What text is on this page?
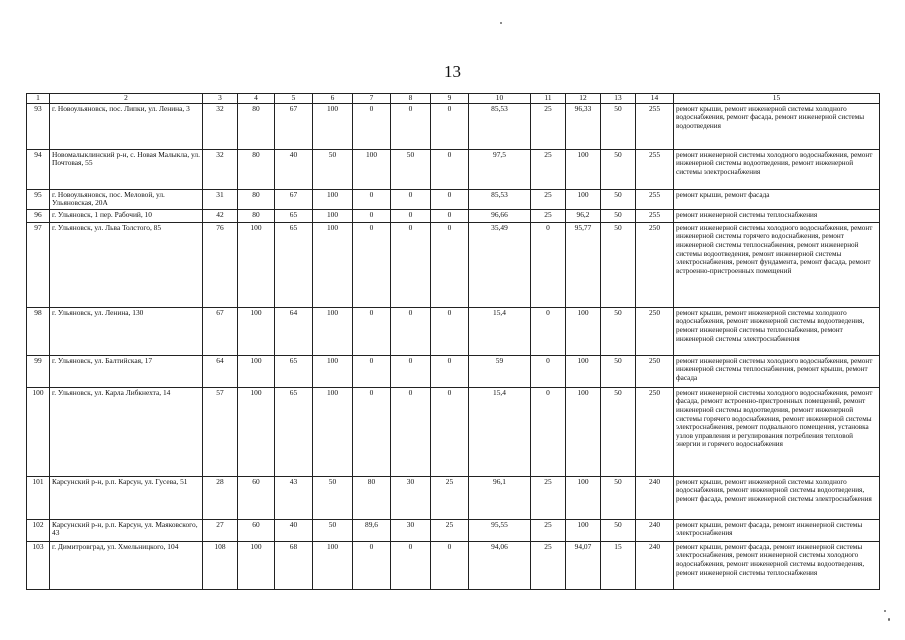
13
1	2	3	4	5	6	7	8	9	10	11	12	13	14	15
93	г. Новоульяновск, пос. Липки, ул. Ленина, 3	32	80	67	100	0	0	0	85,53	25	96,33	50	255	ремонт крыши, ремонт инженерной системы холодного водоснабжения, ремонт фасада, ремонт инженерной системы водоотведения
94	Новомалыклинский р-н, с. Новая Малыкла, ул. Почтовая, 55	32	80	40	50	100	50	0	97,5	25	100	50	255	ремонт инженерной системы холодного водоснабжения, ремонт инженерной системы водоотведения, ремонт инженерной системы электроснабжения
95	г. Новоульяновск, пос. Меловой, ул. Ульяновская, 20А	31	80	67	100	0	0	0	85,53	25	100	50	255	ремонт крыши, ремонт фасада
96	г. Ульяновск, 1 пер. Рабочий, 10	42	80	65	100	0	0	0	96,66	25	96,2	50	255	ремонт инженерной системы теплоснабжения
97	г. Ульяновск, ул. Льва Толстого, 85	76	100	65	100	0	0	0	35,49	0	95,77	50	250	ремонт инженерной системы холодного водоснабжения, ремонт инженерной системы горячего водоснабжения, ремонт инженерной системы теплоснабжения, ремонт инженерной системы водоотведения, ремонт инженерной системы электроснабжения, ремонт фундамента, ремонт фасада, ремонт встроенно-пристроенных помещений
98	г. Ульяновск, ул. Ленина, 130	67	100	64	100	0	0	0	15,4	0	100	50	250	ремонт крыши, ремонт инженерной системы холодного водоснабжения, ремонт инженерной системы водоотведения, ремонт инженерной системы теплоснабжения, ремонт инженерной системы электроснабжения
99	г. Ульяновск, ул. Балтийская, 17	64	100	65	100	0	0	0	59	0	100	50	250	ремонт инженерной системы холодного водоснабжения, ремонт инженерной системы теплоснабжения, ремонт крыши, ремонт фасада
100	г. Ульяновск, ул. Карла Либкнехта, 14	57	100	65	100	0	0	0	15,4	0	100	50	250	ремонт инженерной системы холодного водоснабжения, ремонт фасада, ремонт встроенно-пристроенных помещений, ремонт инженерной системы водоотведения, ремонт инженерной системы горячего водоснабжения, ремонт инженерной системы электроснабжения, ремонт подвального помещения, установка узлов управления и регулирования потребления тепловой энергии и горячего водоснабжения
101	Карсунский р-н, р.п. Карсун, ул. Гусева, 51	28	60	43	50	80	30	25	96,1	25	100	50	240	ремонт крыши, ремонт инженерной системы холодного водоснабжения, ремонт инженерной системы водоотведения, ремонт фасада, ремонт инженерной системы электроснабжения
102	Карсунский р-н, р.п. Карсун, ул. Маяковского, 43	27	60	40	50	89,6	30	25	95,55	25	100	50	240	ремонт крыши, ремонт фасада, ремонт инженерной системы электроснабжения
103	г. Димитровград, ул. Хмельницкого, 104	108	100	68	100	0	0	0	94,06	25	94,07	15	240	ремонт крыши, ремонт фасада, ремонт инженерной системы электроснабжения, ремонт инженерной системы холодного водоснабжения, ремонт инженерной системы водоотведения, ремонт инженерной системы теплоснабжения
